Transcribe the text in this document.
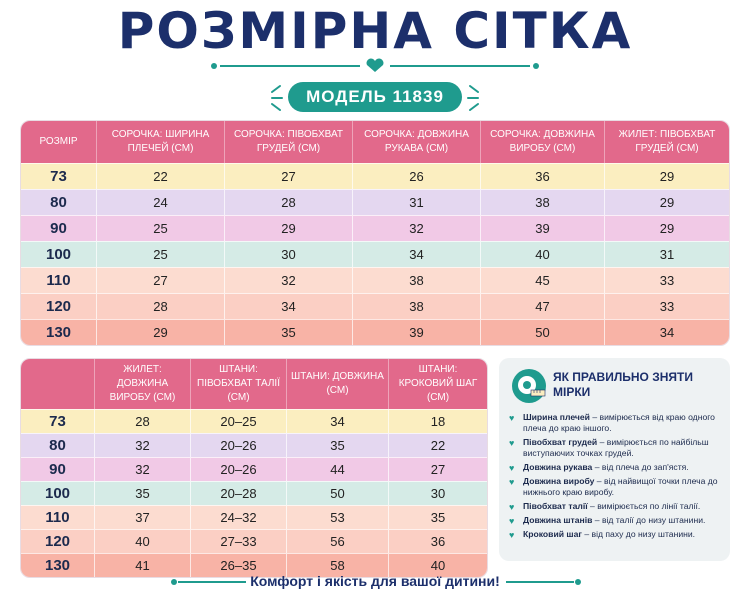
РОЗМІРНА СІТКА
МОДЕЛЬ 11839
РОЗМІР	СОРОЧКА: ШИРИНА ПЛЕЧЕЙ (СМ)	СОРОЧКА: ПІВОБХВАТ ГРУДЕЙ (СМ)	СОРОЧКА: ДОВЖИНА РУКАВА (СМ)	СОРОЧКА: ДОВЖИНА ВИРОБУ (СМ)	ЖИЛЕТ: ПІВОБХВАТ ГРУДЕЙ (СМ)
73	22	27	26	36	29
80	24	28	31	38	29
90	25	29	32	39	29
100	25	30	34	40	31
110	27	32	38	45	33
120	28	34	38	47	33
130	29	35	39	50	34
	ЖИЛЕТ: ДОВЖИНА ВИРОБУ (СМ)	ШТАНИ: ПІВОБХВАТ ТАЛІЇ (СМ)	ШТАНИ: ДОВЖИНА (СМ)	ШТАНИ: КРОКОВИЙ ШАГ (СМ)
73	28	20–25	34	18
80	32	20–26	35	22
90	32	20–26	44	27
100	35	20–28	50	30
110	37	24–32	53	35
120	40	27–33	56	36
130	41	26–35	58	40
ЯК ПРАВИЛЬНО ЗНЯТИ МІРКИ
♥ Ширина плечей – вимірюється від краю одного плеча до краю іншого.
♥ Півобхват грудей – вимірюється по найбільш виступаючих точках грудей.
♥ Довжина рукава – від плеча до зап'ястя.
♥ Довжина виробу – від найвищої точки плеча до нижнього краю виробу.
♥ Півобхват талії – вимірюється по лінії талії.
♥ Довжина штанів – від талії до низу штанини.
♥ Кроковий шаг – від паху до низу штанини.
Комфорт і якість для вашої дитини!
